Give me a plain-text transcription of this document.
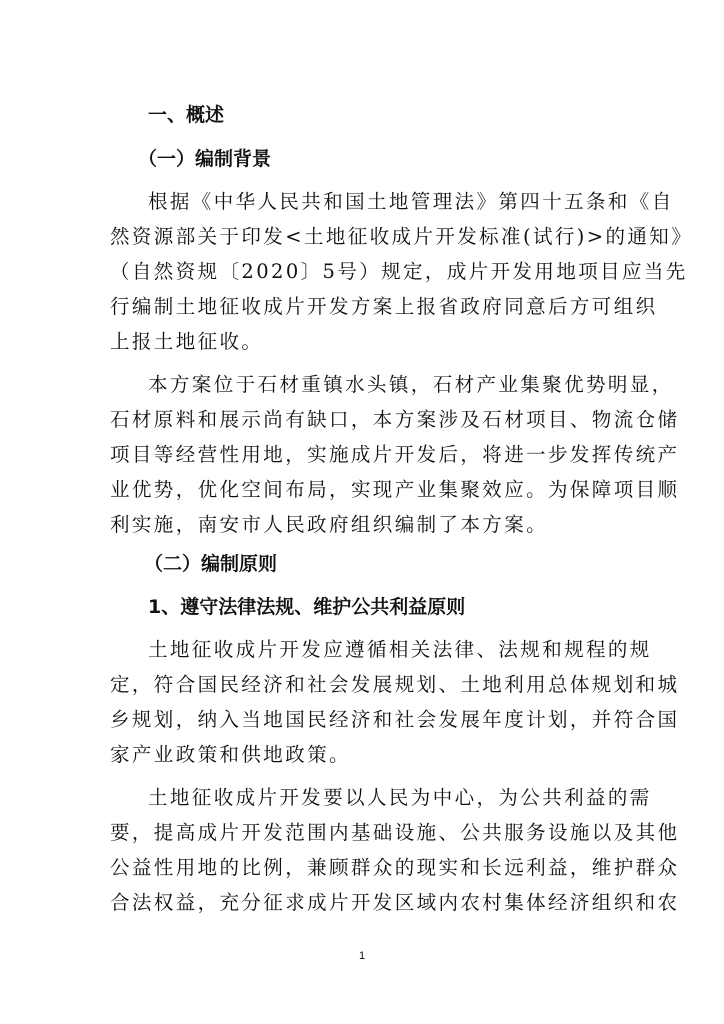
一、概述
（一）编制背景
根据《中华人民共和国土地管理法》第四十五条和《自
然资源部关于印发<土地征收成片开发标准(试行)>的通知》
（自然资规〔2020〕5号）规定，成片开发用地项目应当先
行编制土地征收成片开发方案上报省政府同意后方可组织
上报土地征收。
本方案位于石材重镇水头镇，石材产业集聚优势明显，
石材原料和展示尚有缺口，本方案涉及石材项目、物流仓储
项目等经营性用地，实施成片开发后，将进一步发挥传统产
业优势，优化空间布局，实现产业集聚效应。为保障项目顺
利实施，南安市人民政府组织编制了本方案。
（二）编制原则
1、遵守法律法规、维护公共利益原则
土地征收成片开发应遵循相关法律、法规和规程的规
定，符合国民经济和社会发展规划、土地利用总体规划和城
乡规划，纳入当地国民经济和社会发展年度计划，并符合国
家产业政策和供地政策。
土地征收成片开发要以人民为中心，为公共利益的需
要，提高成片开发范围内基础设施、公共服务设施以及其他
公益性用地的比例，兼顾群众的现实和长远利益，维护群众
合法权益，充分征求成片开发区域内农村集体经济组织和农
1
